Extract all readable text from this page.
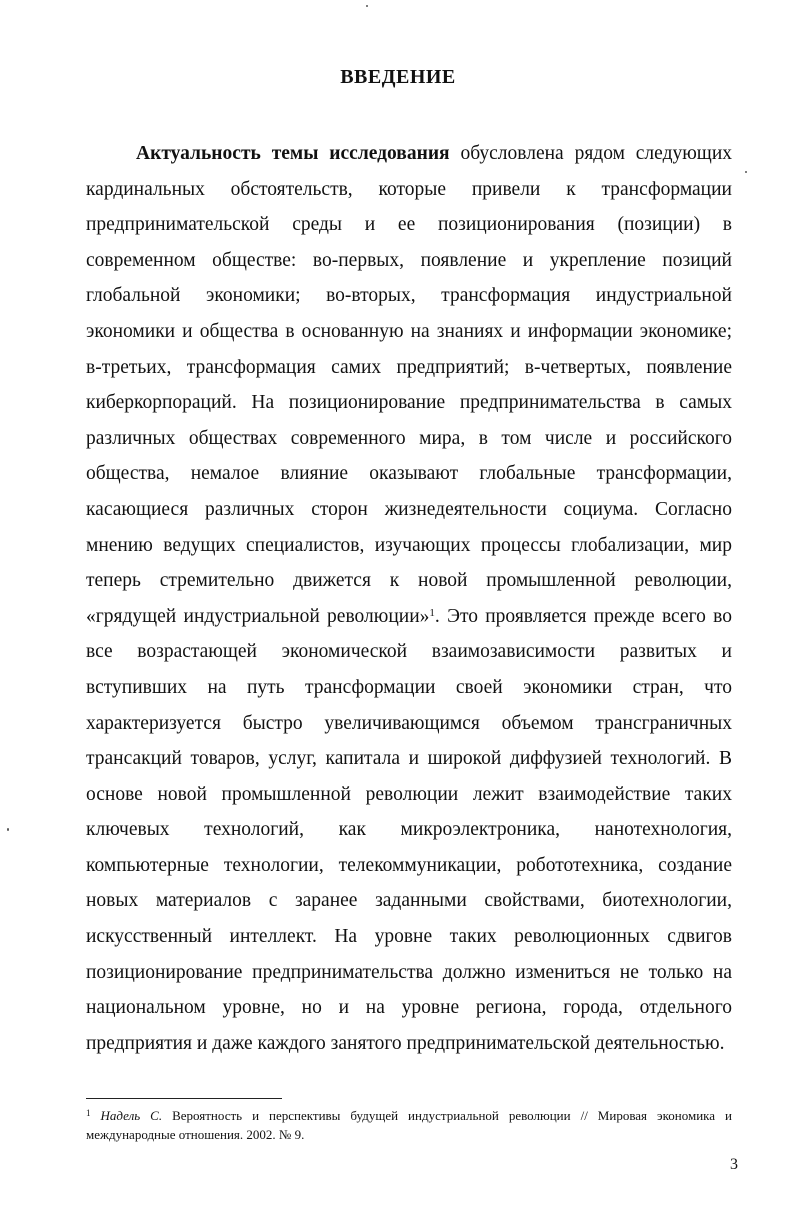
ВВЕДЕНИЕ

Актуальность темы исследования обусловлена рядом следующих кардинальных обстоятельств, которые привели к трансформации предпринимательской среды и ее позиционирования (позиции) в современном обществе: во-первых, появление и укрепление позиций глобальной экономики; во-вторых, трансформация индустриальной экономики и общества в основанную на знаниях и информации экономике; в-третьих, трансформация самих предприятий; в-четвертых, появление киберкорпораций. На позиционирование предпринимательства в самых различных обществах современного мира, в том числе и российского общества, немалое влияние оказывают глобальные трансформации, касающиеся различных сторон жизнедеятельности социума. Согласно мнению ведущих специалистов, изучающих процессы глобализации, мир теперь стремительно движется к новой промышленной революции, «грядущей индустриальной революции»$^1$. Это проявляется прежде всего во все возрастающей экономической взаимозависимости развитых и вступивших на путь трансформации своей экономики стран, что характеризуется быстро увеличивающимся объемом трансграничных трансакций товаров, услуг, капитала и широкой диффузией технологий. В основе новой промышленной революции лежит взаимодействие таких ключевых технологий, как микроэлектроника, нанотехнология, компьютерные технологии, телекоммуникации, робототехника, создание новых материалов с заранее заданными свойствами, биотехнологии, искусственный интеллект. На уровне таких революционных сдвигов позиционирование предпринимательства должно измениться не только на национальном уровне, но и на уровне региона, города, отдельного предприятия и даже каждого занятого предпринимательской деятельностью.

$^1$ Надель С. Вероятность и перспективы будущей индустриальной революции // Мировая экономика и международные отношения. 2002. № 9.
3
